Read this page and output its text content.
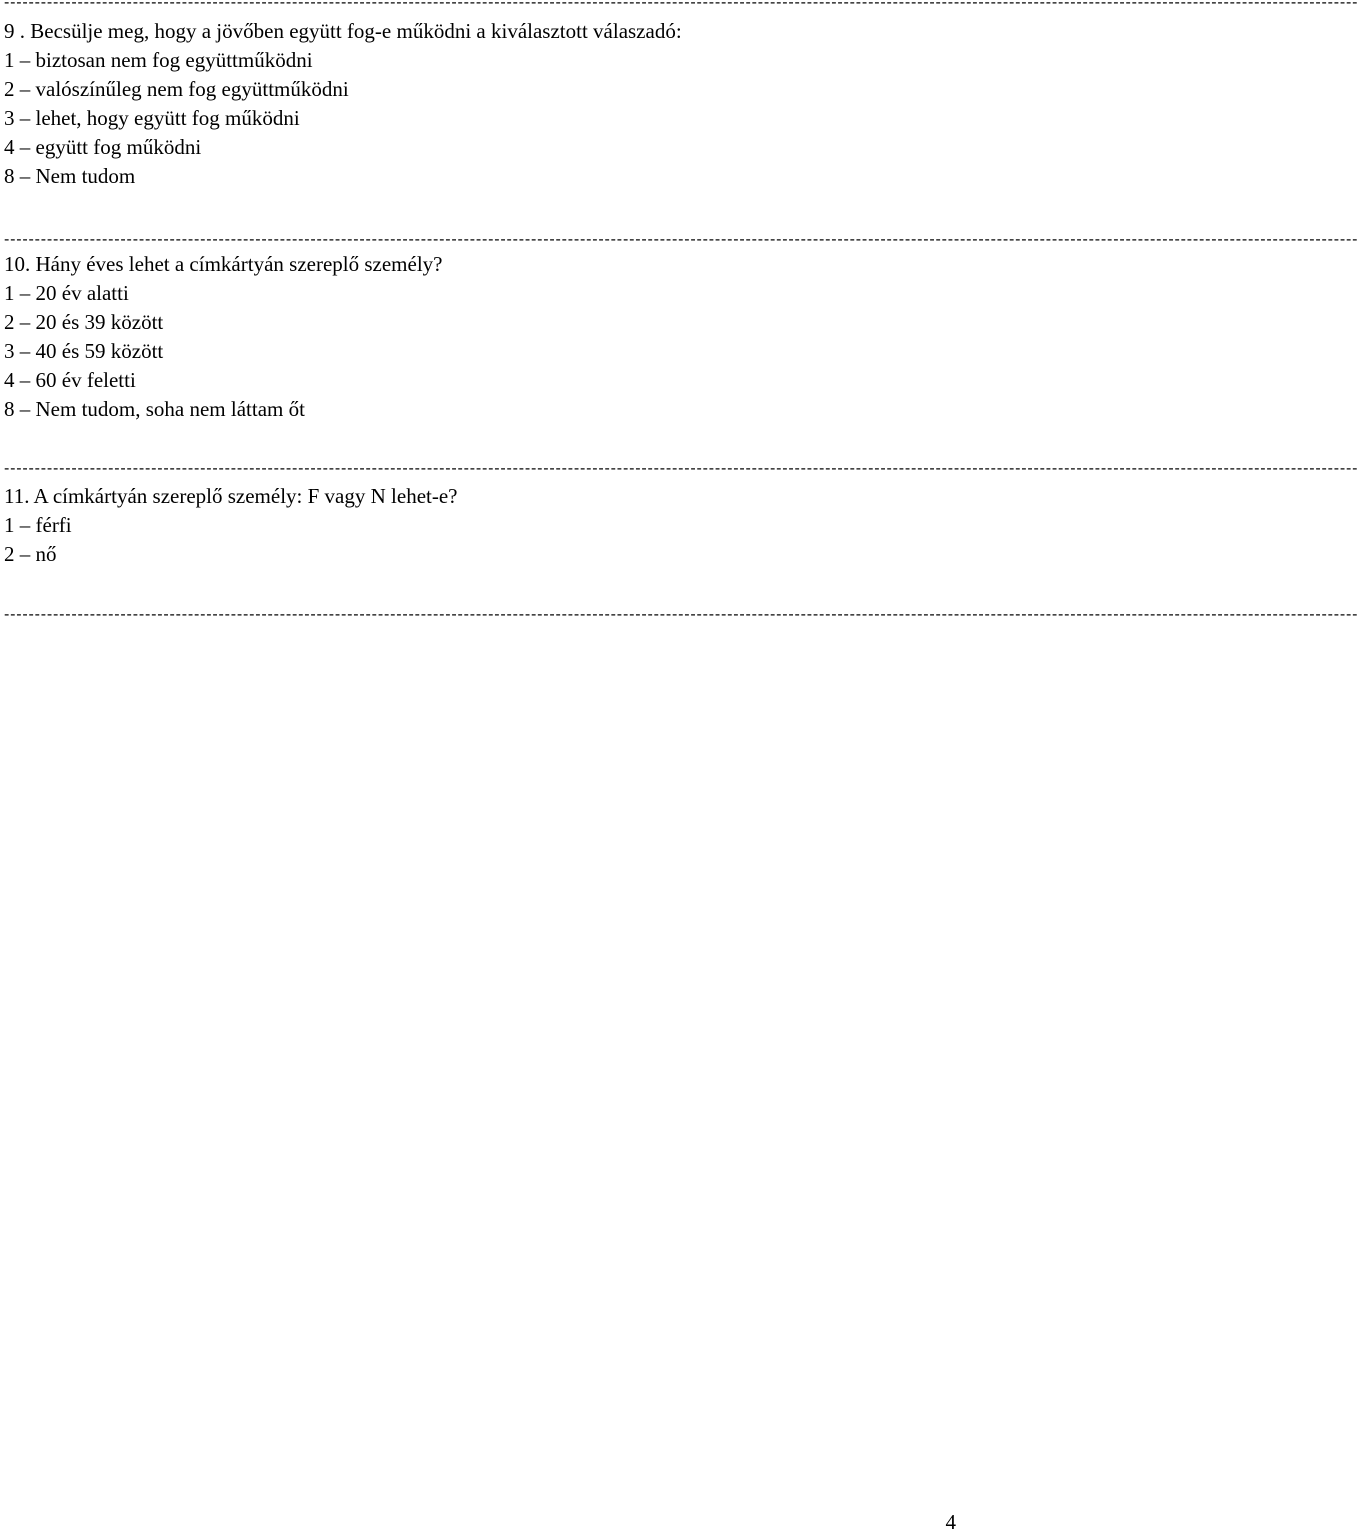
-----------------------------------------------------------------------------------------------------------------------------------------------------------------------------------------------------------------------------
9 . Becsülje meg, hogy a jövőben együtt fog-e működni a kiválasztott válaszadó:
1 – biztosan nem fog együttműködni
2 – valószínűleg nem fog együttműködni
3 – lehet, hogy együtt fog működni
4 – együtt fog működni
8 – Nem tudom
-----------------------------------------------------------------------------------------------------------------------------------------------------------------------------------------------------------------------------
10. Hány éves lehet a címkártyán szereplő személy?
1 – 20 év alatti
2 – 20 és 39 között
3 – 40 és 59 között
4 – 60 év feletti
8 – Nem tudom, soha nem láttam őt
-----------------------------------------------------------------------------------------------------------------------------------------------------------------------------------------------------------------------------
11. A címkártyán szereplő személy: F vagy N lehet-e?
1 – férfi
2 – nő
-----------------------------------------------------------------------------------------------------------------------------------------------------------------------------------------------------------------------------
4
